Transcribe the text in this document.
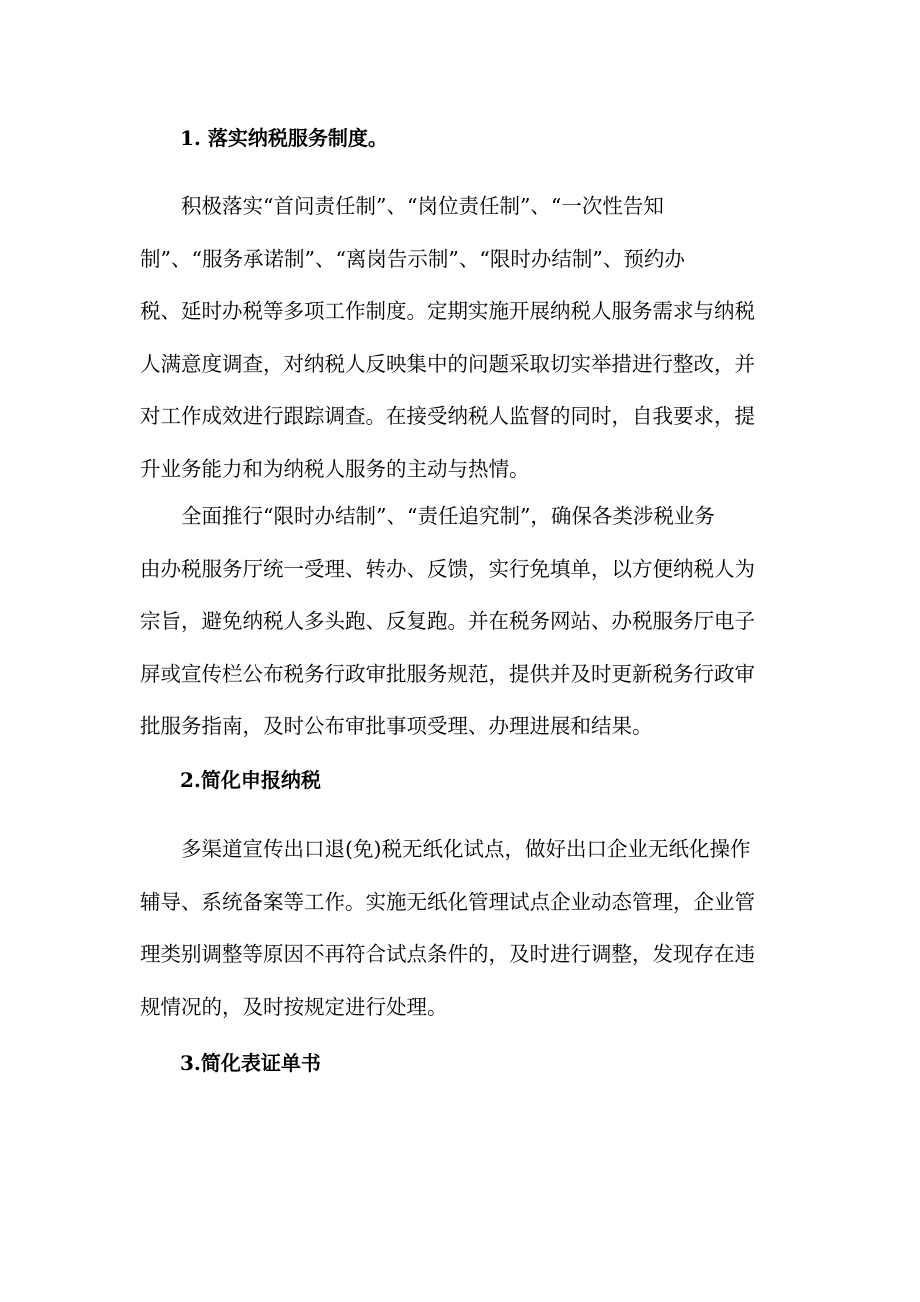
1. 落实纳税服务制度。
积极落实“首问责任制”、“岗位责任制”、“一次性告知
制”、“服务承诺制”、“离岗告示制”、“限时办结制”、预约办
税、延时办税等多项工作制度。定期实施开展纳税人服务需求与纳税
人满意度调查，对纳税人反映集中的问题采取切实举措进行整改，并
对工作成效进行跟踪调查。在接受纳税人监督的同时，自我要求，提
升业务能力和为纳税人服务的主动与热情。
全面推行“限时办结制”、“责任追究制”，确保各类涉税业务
由办税服务厅统一受理、转办、反馈，实行免填单，以方便纳税人为
宗旨，避免纳税人多头跑、反复跑。并在税务网站、办税服务厅电子
屏或宣传栏公布税务行政审批服务规范，提供并及时更新税务行政审
批服务指南，及时公布审批事项受理、办理进展和结果。
2.简化申报纳税
多渠道宣传出口退(免)税无纸化试点，做好出口企业无纸化操作
辅导、系统备案等工作。实施无纸化管理试点企业动态管理，企业管
理类别调整等原因不再符合试点条件的，及时进行调整，发现存在违
规情况的，及时按规定进行处理。
3.简化表证单书
